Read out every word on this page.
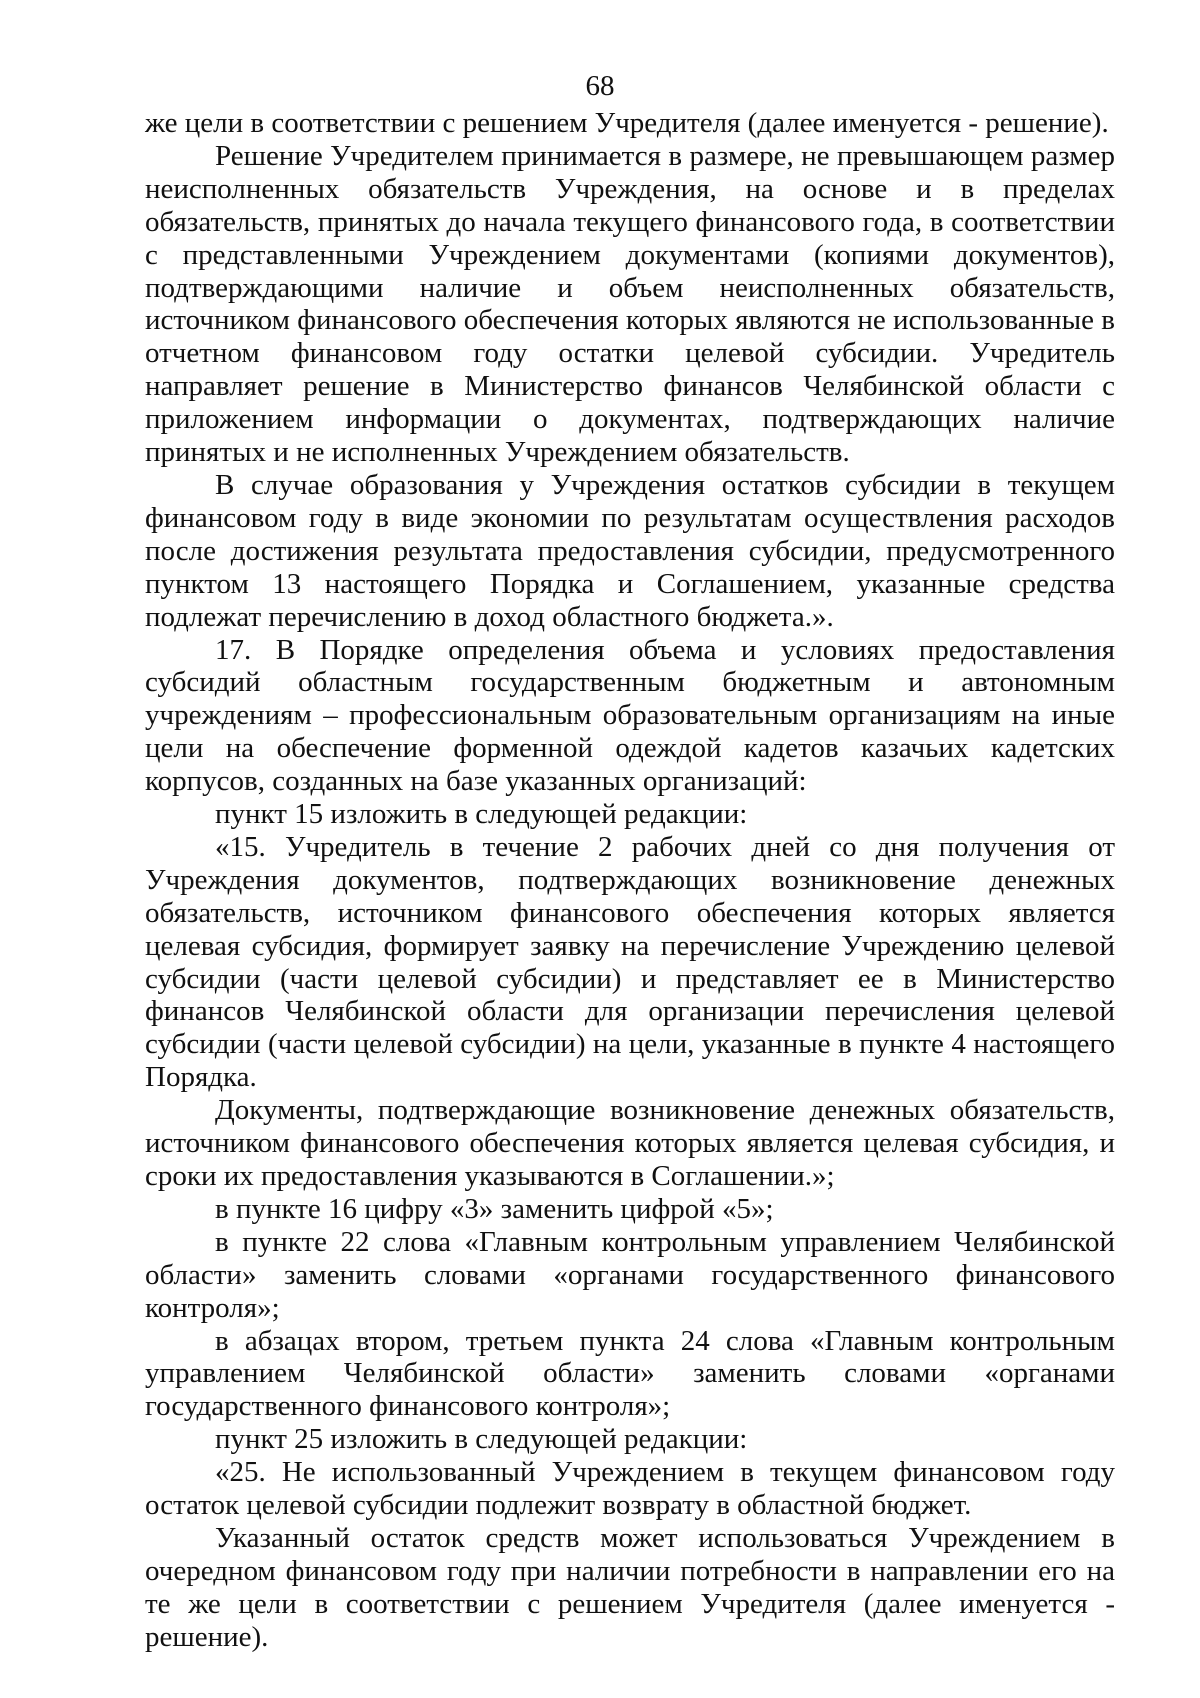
68

же цели в соответствии с решением Учредителя (далее именуется - решение).

Решение Учредителем принимается в размере, не превышающем размер неисполненных обязательств Учреждения, на основе и в пределах обязательств, принятых до начала текущего финансового года, в соответствии с представленными Учреждением документами (копиями документов), подтверждающими наличие и объем неисполненных обязательств, источником финансового обеспечения которых являются не использованные в отчетном финансовом году остатки целевой субсидии. Учредитель направляет решение в Министерство финансов Челябинской области с приложением информации о документах, подтверждающих наличие принятых и не исполненных Учреждением обязательств.

В случае образования у Учреждения остатков субсидии в текущем финансовом году в виде экономии по результатам осуществления расходов после достижения результата предоставления субсидии, предусмотренного пунктом 13 настоящего Порядка и Соглашением, указанные средства подлежат перечислению в доход областного бюджета.».

17. В Порядке определения объема и условиях предоставления субсидий областным государственным бюджетным и автономным учреждениям – профессиональным образовательным организациям на иные цели на обеспечение форменной одеждой кадетов казачьих кадетских корпусов, созданных на базе указанных организаций:

пункт 15 изложить в следующей редакции:

«15. Учредитель в течение 2 рабочих дней со дня получения от Учреждения документов, подтверждающих возникновение денежных обязательств, источником финансового обеспечения которых является целевая субсидия, формирует заявку на перечисление Учреждению целевой субсидии (части целевой субсидии) и представляет ее в Министерство финансов Челябинской области для организации перечисления целевой субсидии (части целевой субсидии) на цели, указанные в пункте 4 настоящего Порядка.

Документы, подтверждающие возникновение денежных обязательств, источником финансового обеспечения которых является целевая субсидия, и сроки их предоставления указываются в Соглашении.»;

в пункте 16 цифру «3» заменить цифрой «5»;

в пункте 22 слова «Главным контрольным управлением Челябинской области» заменить словами «органами государственного финансового контроля»;

в абзацах втором, третьем пункта 24 слова «Главным контрольным управлением Челябинской области» заменить словами «органами государственного финансового контроля»;

пункт 25 изложить в следующей редакции:

«25. Не использованный Учреждением в текущем финансовом году остаток целевой субсидии подлежит возврату в областной бюджет.

Указанный остаток средств может использоваться Учреждением в очередном финансовом году при наличии потребности в направлении его на те же цели в соответствии с решением Учредителя (далее именуется - решение).
